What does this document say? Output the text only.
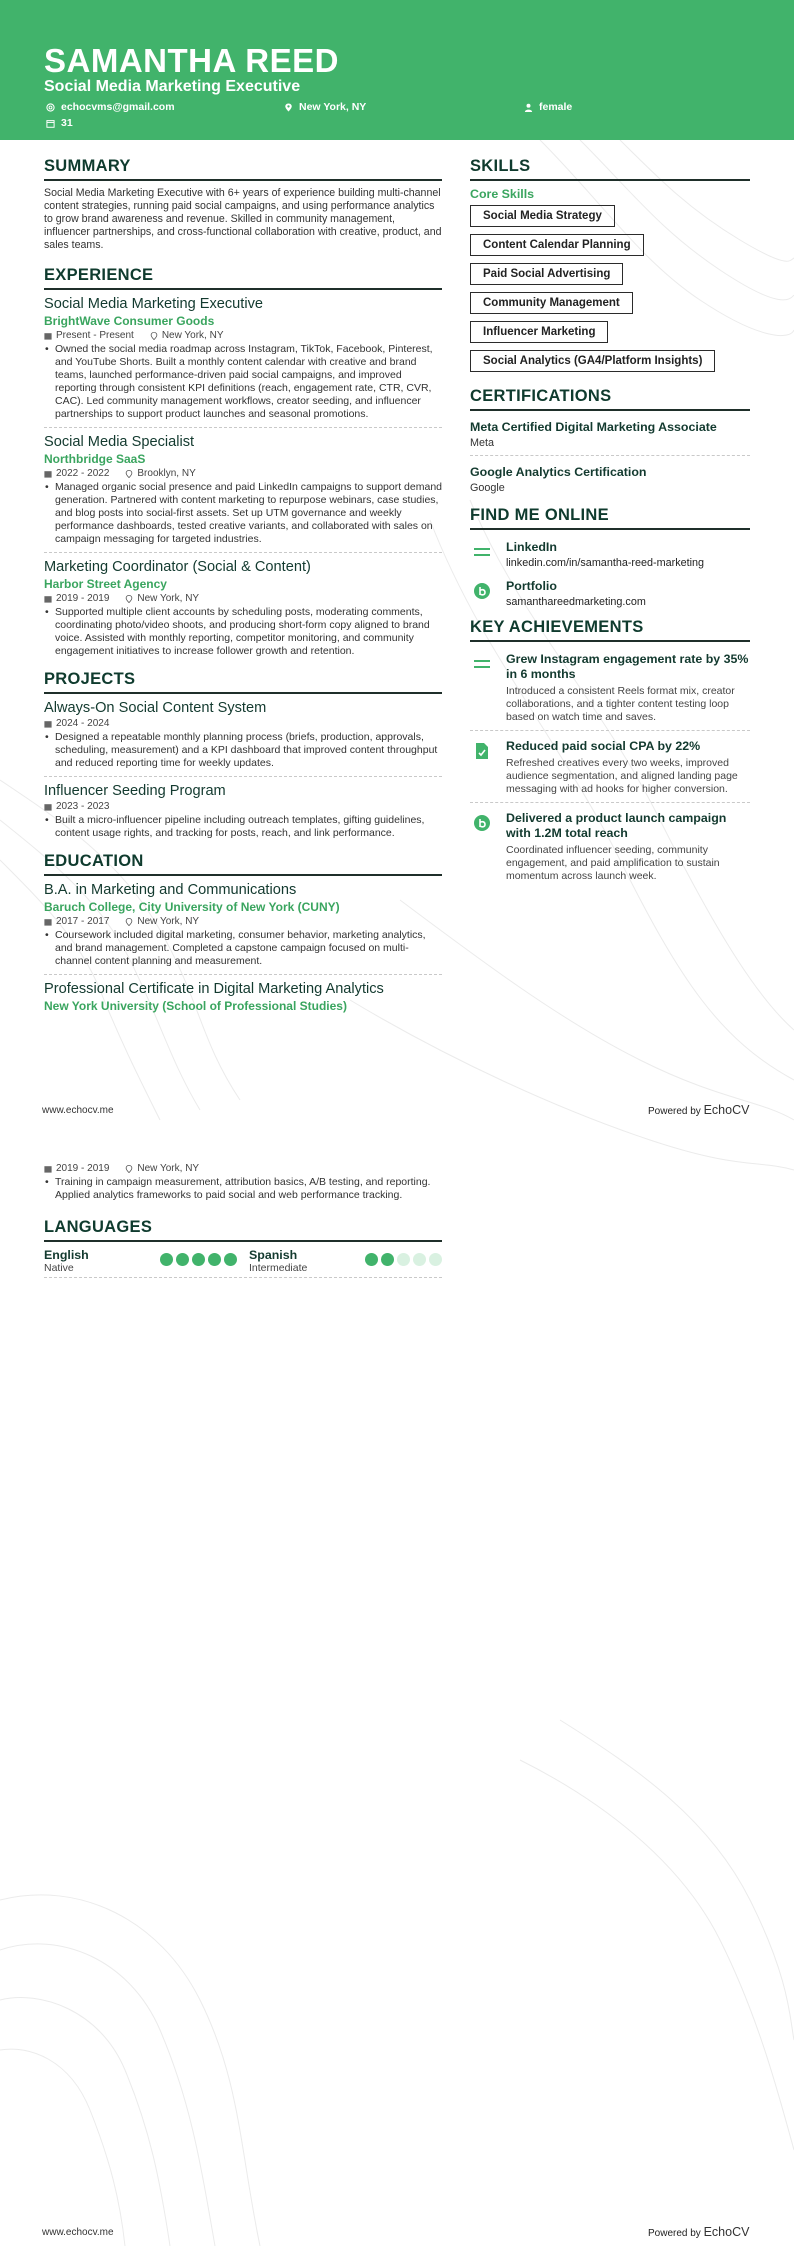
SAMANTHA REED
Social Media Marketing Executive
echocvms@gmail.com	New York, NY	female
31
SUMMARY
Social Media Marketing Executive with 6+ years of experience building multi-channel content strategies, running paid social campaigns, and using performance analytics to grow brand awareness and revenue. Skilled in community management, influencer partnerships, and cross-functional collaboration with creative, product, and sales teams.
EXPERIENCE
Social Media Marketing Executive
BrightWave Consumer Goods
Present - Present	New York, NY
• Owned the social media roadmap across Instagram, TikTok, Facebook, Pinterest, and YouTube Shorts. Built a monthly content calendar with creative and brand teams, launched performance-driven paid social campaigns, and improved reporting through consistent KPI definitions (reach, engagement rate, CTR, CVR, CAC). Led community management workflows, creator seeding, and influencer partnerships to support product launches and seasonal promotions.
Social Media Specialist
Northbridge SaaS
2022 - 2022	Brooklyn, NY
• Managed organic social presence and paid LinkedIn campaigns to support demand generation. Partnered with content marketing to repurpose webinars, case studies, and blog posts into social-first assets. Set up UTM governance and weekly performance dashboards, tested creative variants, and collaborated with sales on campaign messaging for targeted industries.
Marketing Coordinator (Social & Content)
Harbor Street Agency
2019 - 2019	New York, NY
• Supported multiple client accounts by scheduling posts, moderating comments, coordinating photo/video shoots, and producing short-form copy aligned to brand voice. Assisted with monthly reporting, competitor monitoring, and community engagement initiatives to increase follower growth and retention.
PROJECTS
Always-On Social Content System
2024 - 2024
• Designed a repeatable monthly planning process (briefs, production, approvals, scheduling, measurement) and a KPI dashboard that improved content throughput and reduced reporting time for weekly updates.
Influencer Seeding Program
2023 - 2023
• Built a micro-influencer pipeline including outreach templates, gifting guidelines, content usage rights, and tracking for posts, reach, and link performance.
EDUCATION
B.A. in Marketing and Communications
Baruch College, City University of New York (CUNY)
2017 - 2017	New York, NY
• Coursework included digital marketing, consumer behavior, marketing analytics, and brand management. Completed a capstone campaign focused on multi-channel content planning and measurement.
Professional Certificate in Digital Marketing Analytics
New York University (School of Professional Studies)
www.echocv.me	Powered by EchoCV
2019 - 2019	New York, NY
• Training in campaign measurement, attribution basics, A/B testing, and reporting. Applied analytics frameworks to paid social and web performance tracking.
LANGUAGES
English
Native
Spanish
Intermediate
SKILLS
Core Skills
Social Media Strategy
Content Calendar Planning
Paid Social Advertising
Community Management
Influencer Marketing
Social Analytics (GA4/Platform Insights)
CERTIFICATIONS
Meta Certified Digital Marketing Associate
Meta
Google Analytics Certification
Google
FIND ME ONLINE
LinkedIn
linkedin.com/in/samantha-reed-marketing
Portfolio
samanthareedmarketing.com
KEY ACHIEVEMENTS
Grew Instagram engagement rate by 35% in 6 months
Introduced a consistent Reels format mix, creator collaborations, and a tighter content testing loop based on watch time and saves.
Reduced paid social CPA by 22%
Refreshed creatives every two weeks, improved audience segmentation, and aligned landing page messaging with ad hooks for higher conversion.
Delivered a product launch campaign with 1.2M total reach
Coordinated influencer seeding, community engagement, and paid amplification to sustain momentum across launch week.
www.echocv.me	Powered by EchoCV
